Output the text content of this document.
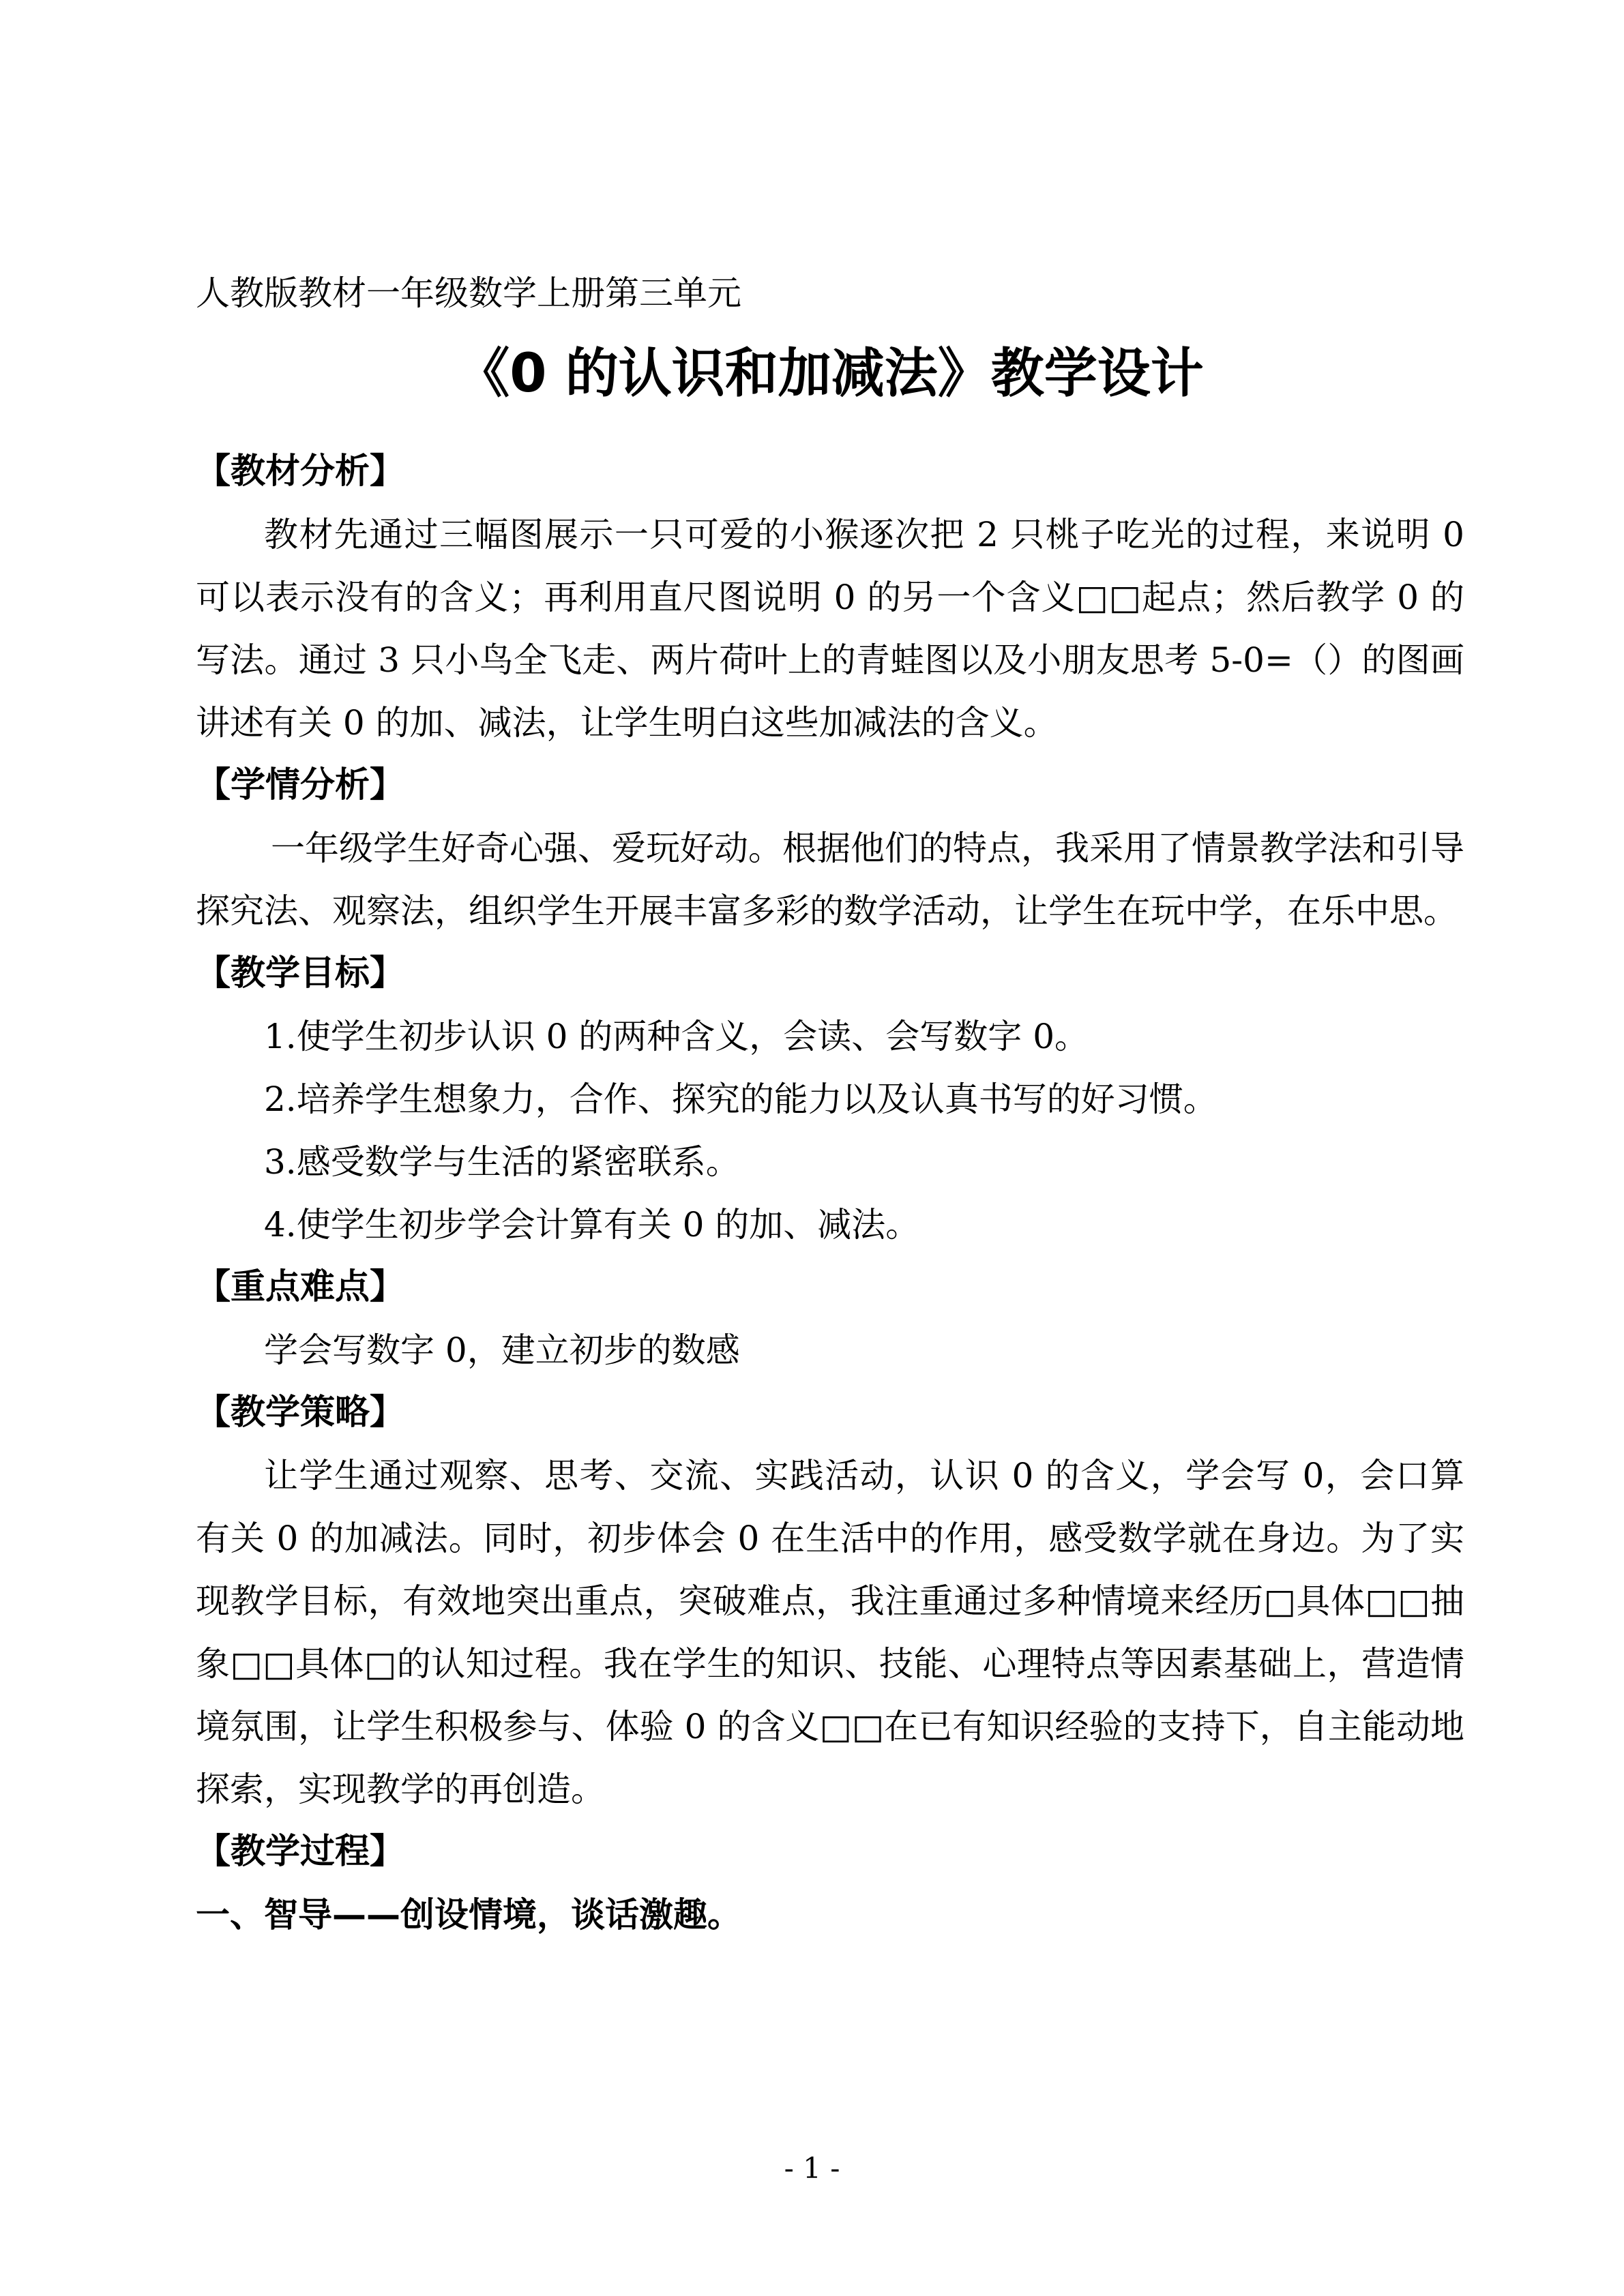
人教版教材一年级数学上册第三单元

《0 的认识和加减法》教学设计
【教材分析】

教材先通过三幅图展示一只可爱的小猴逐次把 2 只桃子吃光的过程，来说明 0 可以表示没有的含义；再利用直尺图说明 0 的另一个含义□□起点；然后教学 0 的写法。通过 3 只小鸟全飞走、两片荷叶上的青蛙图以及小朋友思考 5-0=（）的图画讲述有关 0 的加、减法，让学生明白这些加减法的含义。

【学情分析】

一年级学生好奇心强、爱玩好动。根据他们的特点，我采用了情景教学法和引导探究法、观察法，组织学生开展丰富多彩的数学活动，让学生在玩中学，在乐中思。

【教学目标】

1.使学生初步认识 0 的两种含义，会读、会写数字 0。

2.培养学生想象力，合作、探究的能力以及认真书写的好习惯。

3.感受数学与生活的紧密联系。

4.使学生初步学会计算有关 0 的加、减法。

【重点难点】

学会写数字 0，建立初步的数感

【教学策略】

让学生通过观察、思考、交流、实践活动，认识 0 的含义，学会写 0，会口算有关 0 的加减法。同时，初步体会 0 在生活中的作用，感受数学就在身边。为了实现教学目标，有效地突出重点，突破难点，我注重通过多种情境来经历□具体□□抽象□□具体□的认知过程。我在学生的知识、技能、心理特点等因素基础上，营造情境氛围，让学生积极参与、体验 0 的含义□□在已有知识经验的支持下，自主能动地探索，实现教学的再创造。

【教学过程】

一、智导——创设情境，谈话激趣。

- 1 -
